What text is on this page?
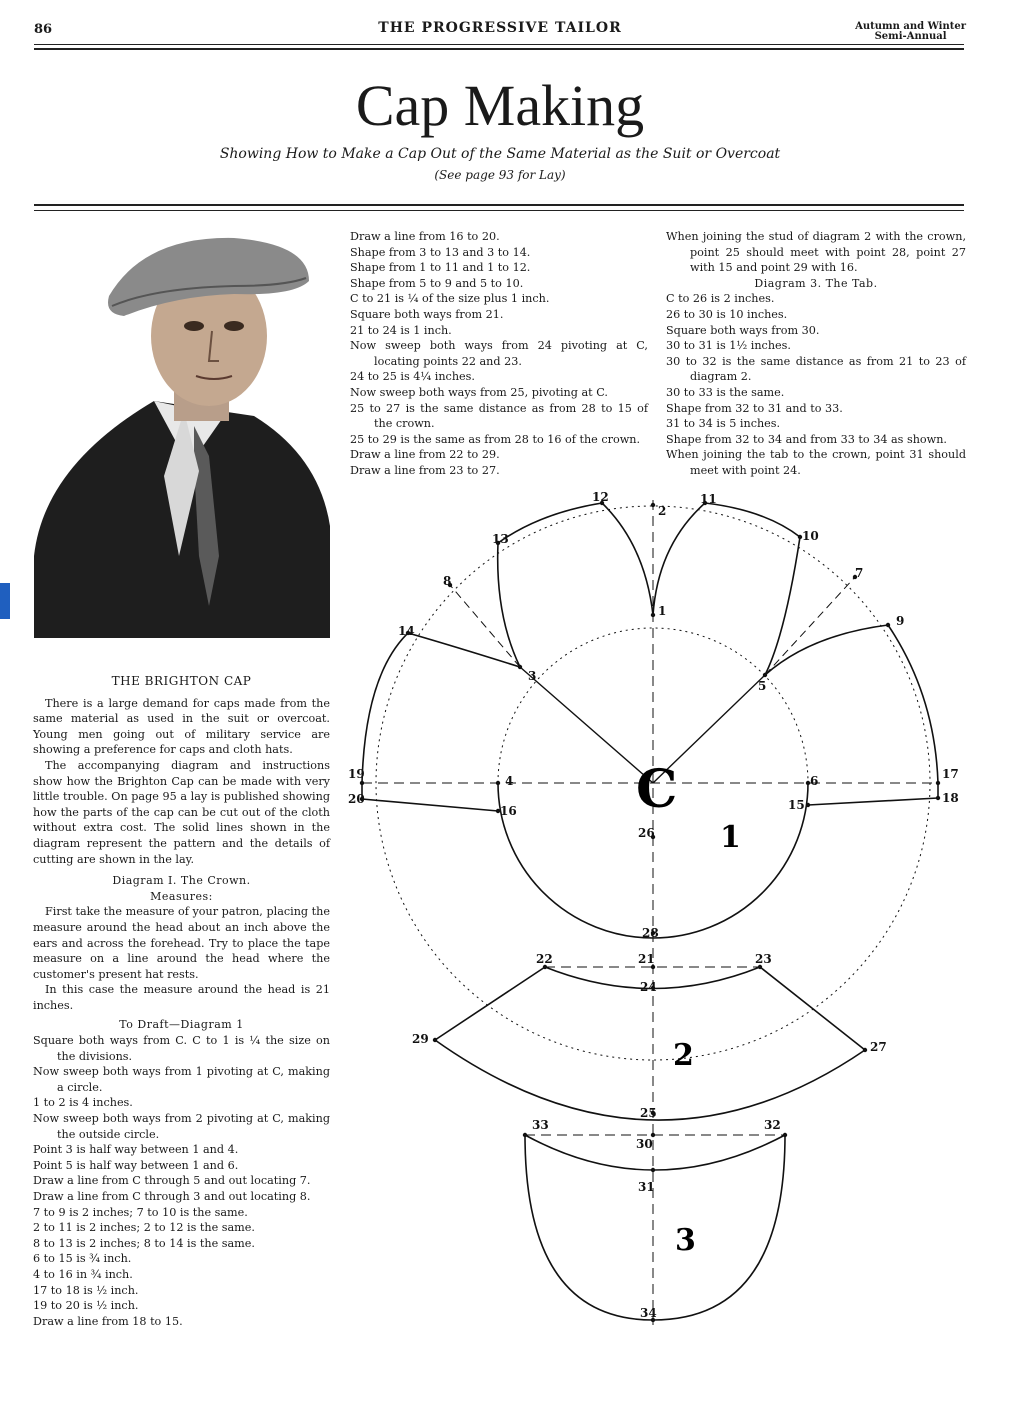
86	THE PROGRESSIVE TAILOR	Autumn and Winter
Semi-Annual
Cap Making
Showing How to Make a Cap Out of the Same Material as the Suit or Overcoat
(See page 93 for Lay)

THE BRIGHTON CAP

There is a large demand for caps made from the same material as used in the suit or overcoat. Young men going out of military service are showing a preference for caps and cloth hats.

The accompanying diagram and instructions show how the Brighton Cap can be made with very little trouble. On page 95 a lay is published showing how the parts of the cap can be cut out of the cloth without extra cost. The solid lines shown in the diagram represent the pattern and the details of cutting are shown in the lay.

Diagram I. The Crown.

Measures:

First take the measure of your patron, placing the measure around the head about an inch above the ears and across the forehead. Try to place the tape measure on a line around the head where the customer's present hat rests.

In this case the measure around the head is 21 inches.

To Draft—Diagram 1

Square both ways from C. C to 1 is ¼ the size on the divisions.

Now sweep both ways from 1 pivoting at C, making a circle.

1 to 2 is 4 inches.

Now sweep both ways from 2 pivoting at C, making the outside circle.

Point 3 is half way between 1 and 4.

Point 5 is half way between 1 and 6.

Draw a line from C through 5 and out locating 7.

Draw a line from C through 3 and out locating 8.

7 to 9 is 2 inches; 7 to 10 is the same.

2 to 11 is 2 inches; 2 to 12 is the same.

8 to 13 is 2 inches; 8 to 14 is the same.

6 to 15 is ¾ inch.

4 to 16 in ¾ inch.

17 to 18 is ½ inch.

19 to 20 is ½ inch.

Draw a line from 18 to 15.

Draw a line from 16 to 20.

Shape from 3 to 13 and 3 to 14.

Shape from 1 to 11 and 1 to 12.

Shape from 5 to 9 and 5 to 10.

C to 21 is ¼ of the size plus 1 inch.

Square both ways from 21.

21 to 24 is 1 inch.

Now sweep both ways from 24 pivoting at C, locating points 22 and 23.

24 to 25 is 4¼ inches.

Now sweep both ways from 25, pivoting at C.

25 to 27 is the same distance as from 28 to 15 of the crown.

25 to 29 is the same as from 28 to 16 of the crown.

Draw a line from 22 to 29.

Draw a line from 23 to 27.

When joining the stud of diagram 2 with the crown, point 25 should meet with point 28, point 27 with 15 and point 29 with 16.

Diagram 3. The Tab.

C to 26 is 2 inches.

26 to 30 is 10 inches.

Square both ways from 30.

30 to 31 is 1½ inches.

30 to 32 is the same distance as from 21 to 23 of diagram 2.

30 to 33 is the same.

Shape from 32 to 31 and to 33.

31 to 34 is 5 inches.

Shape from 32 to 34 and from 33 to 34 as shown.

When joining the tab to the crown, point 31 should meet with point 24.

1
2
3
4
5
6
7
8
9
10
11
12
13
14
15
16
17
18
19
20
21
22	23
24
25
26
27
28
29
30
31
32
33
34
C
1
2
3
